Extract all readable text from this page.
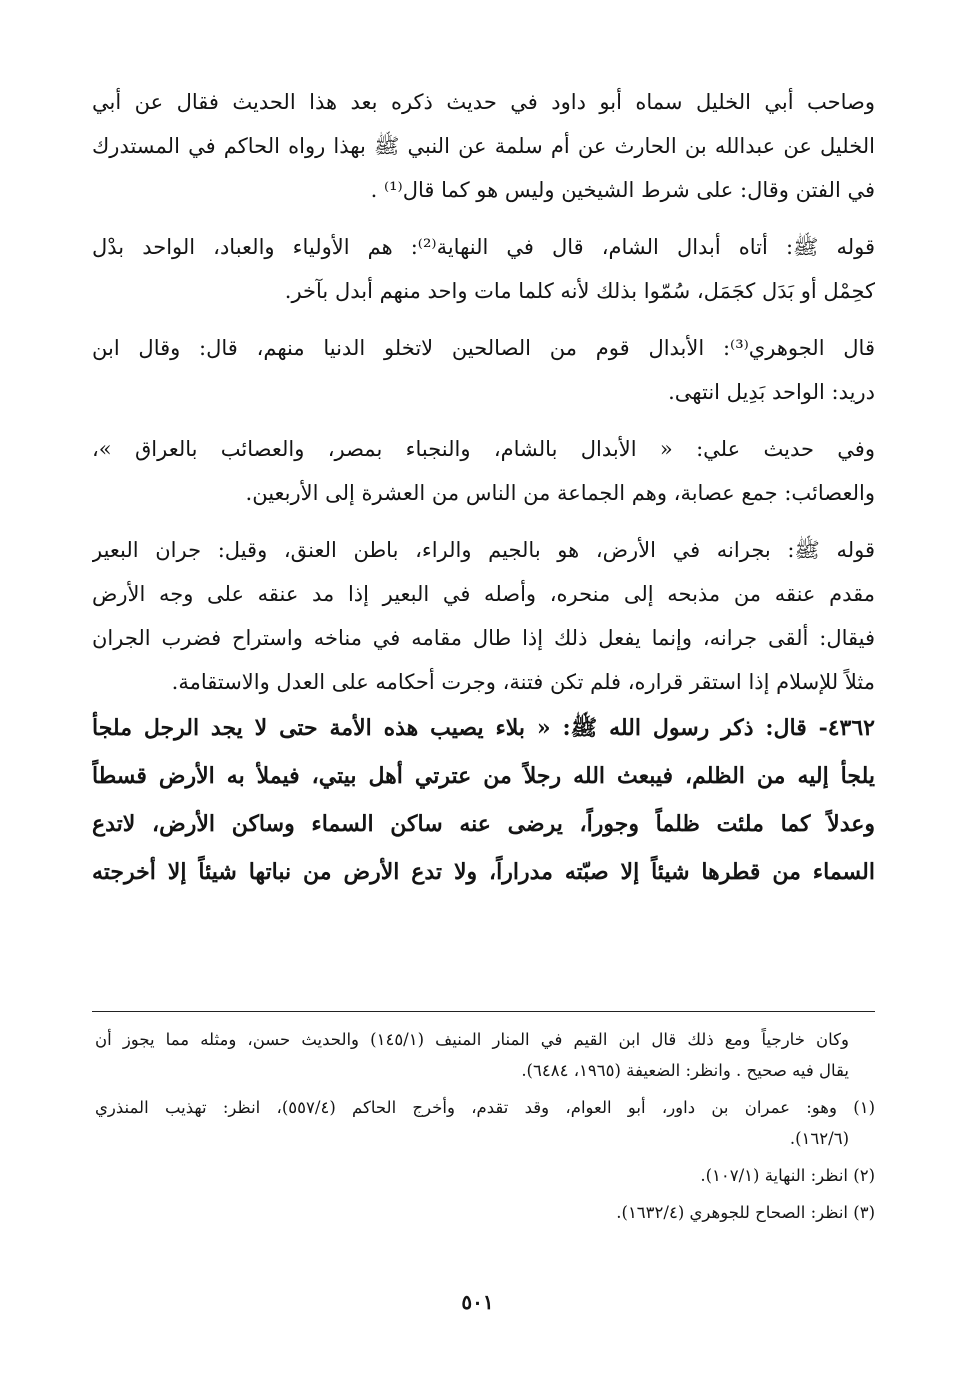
وصاحب أبي الخليل سماه أبو داود في حديث ذكره بعد هذا الحديث فقال عن أبي
الخليل عن عبدالله بن الحارث عن أم سلمة عن النبي ﷺ بهذا رواه الحاكم في المستدرك
في الفتن وقال: على شرط الشيخين وليس هو كما قال⁽¹⁾ .
قوله ﷺ: أتاه أبدال الشام، قال في النهاية⁽²⁾: هم الأولياء والعباد، الواحد بدْل
كحِمْل أو بَدَل كجَمَل، سُمّوا بذلك لأنه كلما مات واحد منهم أبدل بآخر.
قال الجوهري⁽³⁾: الأبدال قوم من الصالحين لاتخلو الدنيا منهم، قال: وقال ابن
دريد: الواحد بَدِيل انتهى.
وفي حديث علي: « الأبدال بالشام، والنجباء بمصر، والعصائب بالعراق »،
والعصائب: جمع عصابة، وهم الجماعة من الناس من العشرة إلى الأربعين.
قوله ﷺ: بجرانه في الأرض، هو بالجيم والراء، باطن العنق، وقيل: جران البعير
مقدم عنقه من مذبحه إلى منحره، وأصله في البعير إذا مد عنقه على وجه الأرض
فيقال: ألقى جرانه، وإنما يفعل ذلك إذا طال مقامه في مناخه واستراح فضرب الجران
مثلاً للإسلام إذا استقر قراره، فلم تكن فتنة، وجرت أحكامه على العدل والاستقامة.
٤٣٦٢- قال: ذكر رسول الله ﷺ: « بلاء يصيب هذه الأمة حتى لا يجد الرجل ملجأ
يلجأ إليه من الظلم، فيبعث الله رجلاً من عترتي أهل بيتي، فيملأ به الأرض قسطاً
وعدلاً كما ملئت ظلماً وجوراً، يرضى عنه ساكن السماء وساكن الأرض، لاتدع
السماء من قطرها شيئاً إلا صبّته مدراراً، ولا تدع الأرض من نباتها شيئاً إلا أخرجته
وكان خارجياً ومع ذلك قال ابن القيم في المنار المنيف (١٤٥/١) والحديث حسن، ومثله مما يجوز أن
يقال فيه صحيح . وانظر: الضعيفة (١٩٦٥، ٦٤٨٤).
(١) وهو: عمران بن داور، أبو العوام، وقد تقدم، وأخرج الحاكم (٥٥٧/٤)، انظر: تهذيب المنذري
(١٦٢/٦).
(٢) انظر: النهاية (١٠٧/١).
(٣) انظر: الصحاح للجوهري (١٦٣٢/٤).
٥٠١
